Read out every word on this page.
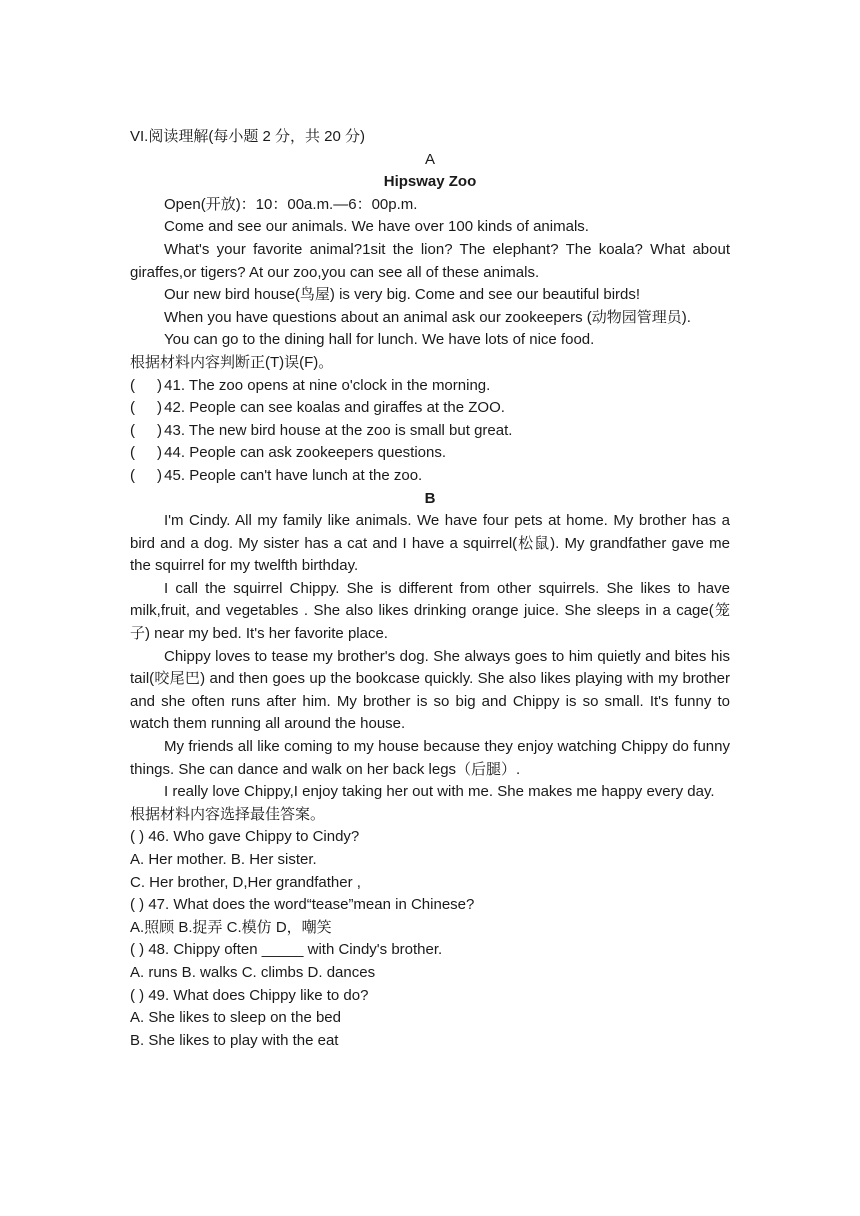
VI.阅读理解(每小题 2 分，共 20 分)

A

Hipsway Zoo

Open(开放)：10：00a.m.—6：00p.m.

Come and see our animals. We have over 100 kinds of animals.

What's your favorite animal?1sit the lion? The elephant? The koala? What about giraffes,or tigers? At our zoo,you can see all of these animals.

Our new bird house(鸟屋) is very big. Come and see our beautiful birds!

When you have questions about an animal ask our zookeepers (动物园管理员).

You can go to the dining hall for lunch. We have lots of nice food.

根据材料内容判断正(T)误(F)。

( ) 41. The zoo opens at nine o'clock in the morning.

( ) 42. People can see koalas and giraffes at the ZOO.

( ) 43. The new bird house at the zoo is small but great.

( ) 44. People can ask zookeepers questions.

( ) 45. People can't have lunch at the zoo.

B

I'm Cindy. All my family like animals. We have four pets at home. My brother has a bird and a dog. My sister has a cat and I have a squirrel(松鼠). My grandfather gave me the squirrel for my twelfth birthday.

I call the squirrel Chippy. She is different from other squirrels. She likes to have milk,fruit, and vegetables . She also likes drinking orange juice. She sleeps in a cage(笼子) near my bed. It's her favorite place.

Chippy loves to tease my brother's dog. She always goes to him quietly and bites his tail(咬尾巴) and then goes up the bookcase quickly. She also likes playing with my brother and she often runs after him. My brother is so big and Chippy is so small. It's funny to watch them running all around the house.

My friends all like coming to my house because they enjoy watching Chippy do funny things. She can dance and walk on her back legs（后腿）.

I really love Chippy,I enjoy taking her out with me. She makes me happy every day.

根据材料内容选择最佳答案。

( ) 46. Who gave Chippy to Cindy?

A. Her mother. B. Her sister.

C. Her brother, D,Her grandfather ,

( ) 47. What does the word“tease”mean in Chinese?

A.照顾 B.捉弄 C.模仿 D，嘲笑

( ) 48. Chippy often _____ with Cindy's brother.

A. runs B. walks C. climbs D. dances

( ) 49. What does Chippy like to do?

A. She likes to sleep on the bed

B. She likes to play with the eat
